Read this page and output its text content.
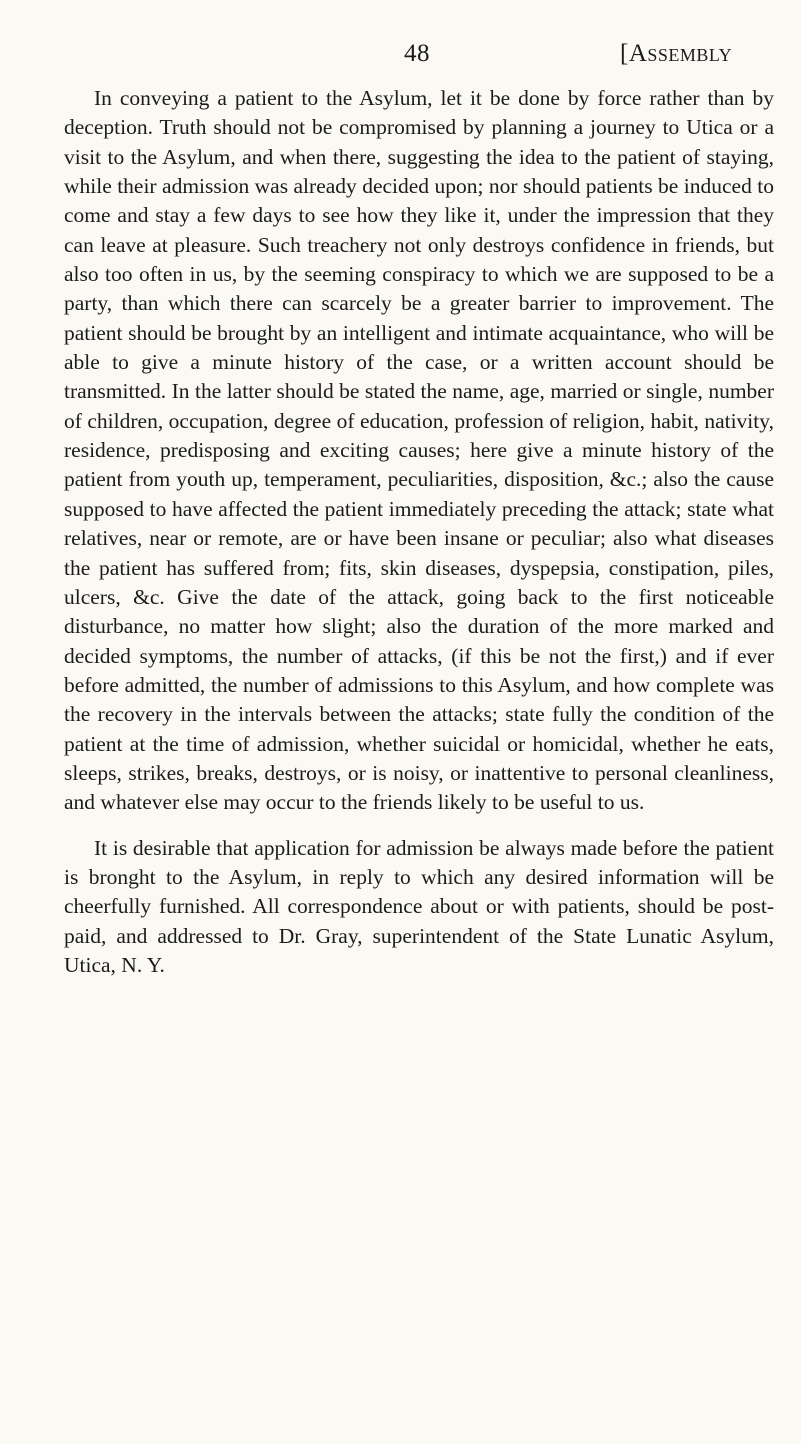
48	[Assembly

In conveying a patient to the Asylum, let it be done by force rather than by deception. Truth should not be compromised by planning a journey to Utica or a visit to the Asylum, and when there, suggesting the idea to the patient of staying, while their admission was already decided upon; nor should patients be induced to come and stay a few days to see how they like it, under the impression that they can leave at pleasure. Such treachery not only destroys confidence in friends, but also too often in us, by the seeming conspiracy to which we are supposed to be a party, than which there can scarcely be a greater barrier to improvement. The patient should be brought by an intelligent and intimate acquaintance, who will be able to give a minute history of the case, or a written account should be transmitted. In the latter should be stated the name, age, married or single, number of children, occupation, degree of education, profession of religion, habit, nativity, residence, predisposing and exciting causes; here give a minute history of the patient from youth up, temperament, peculiarities, disposition, &c.; also the cause supposed to have affected the patient immediately preceding the attack; state what relatives, near or remote, are or have been insane or peculiar; also what diseases the patient has suffered from; fits, skin diseases, dyspepsia, constipation, piles, ulcers, &c. Give the date of the attack, going back to the first noticeable disturbance, no matter how slight; also the duration of the more marked and decided symptoms, the number of attacks, (if this be not the first,) and if ever before admitted, the number of admissions to this Asylum, and how complete was the recovery in the intervals between the attacks; state fully the condition of the patient at the time of admission, whether suicidal or homicidal, whether he eats, sleeps, strikes, breaks, destroys, or is noisy, or inattentive to personal cleanliness, and whatever else may occur to the friends likely to be useful to us.

It is desirable that application for admission be always made before the patient is bronght to the Asylum, in reply to which any desired information will be cheerfully furnished. All correspondence about or with patients, should be post-paid, and addressed to Dr. Gray, superintendent of the State Lunatic Asylum, Utica, N. Y.
